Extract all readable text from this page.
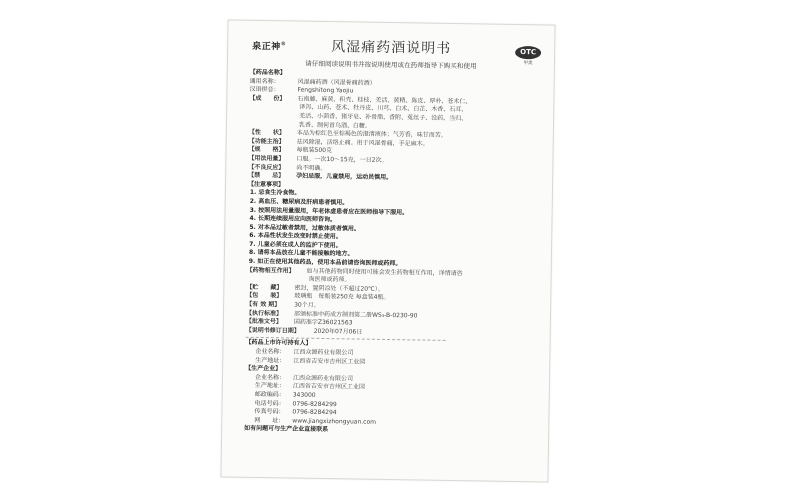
泉正神®	风湿痛药酒说明书	OTC
甲类
请仔细阅读说明书并按说明使用或在药师指导下购买和使用
【药品名称】
通用名称：	风湿痛药酒（风湿骨痛药酒）
汉语拼音：	Fengshitong Yaojiu
【成　　份】	石南藤、麻黄、积壳、桂枝、羌活、黄精、陈皮、厚朴、苍术仁、
泽泻、山药、苍术、牡丹皮、川芎、白术、白芷、木香、石耳、
羌活、小茴香、猪牙皂、补骨脂、香附、菟丝子、没药、当归、
乳香、制何首乌酒、白糖。
【性　　状】	本品为棕红色至棕褐色的澄清液体；气芳香，味甘而苦。
【功能主治】	祛风除湿，活络止痛。用于风湿骨痛，手足麻木。
【规　　格】	每瓶装500克
【用法用量】	口服。一次10～15克，一日2次。
【不良反应】	尚不明确。
【禁　　忌】	孕妇忌服，儿童禁用，运动员慎用。
【注意事项】
1. 忌食生冷食物。
2. 高血压、糖尿病及肝病患者慎用。
3. 按照用法用量服用，年老体虚患者应在医师指导下服用。
4. 长期连续服用应向医师咨询。
5. 对本品过敏者禁用，过敏体质者慎用。
6. 本品性状发生改变时禁止使用。
7. 儿童必须在成人的监护下使用。
8. 请将本品放在儿童不能接触的地方。
9. 如正在使用其他药品，使用本品前请咨询医师或药师。
【药物相互作用】	如与其他药物同时使用可能会发生药物相互作用，详情请咨
询医师或药师。
【贮　　藏】	密封，置阴凉处（不超过20℃）。
【包　　装】	玻璃瓶　每瓶装250克 每盒装4瓶。
【有 效 期】	30个月。
【执行标准】	部颁标准中药成方制剂第二册WS₃-B-0230-90
【批准文号】	国药准字Z36021563
【说明书修订日期】	2020年07月06日
【药品上市许可持有人】
企业名称：	江西众源药业有限公司
生产地址：	江西省吉安市吉州区工业园
【生产企业】
企业名称：	江西众源药业有限公司
生产地址：	江西省吉安市吉州区工业园
邮政编码：	343000
电话号码：	0796-8284299
传真号码：	0796-8284294
网　　址：	www.jiangxizhongyuan.com
如有问题可与生产企业直接联系
